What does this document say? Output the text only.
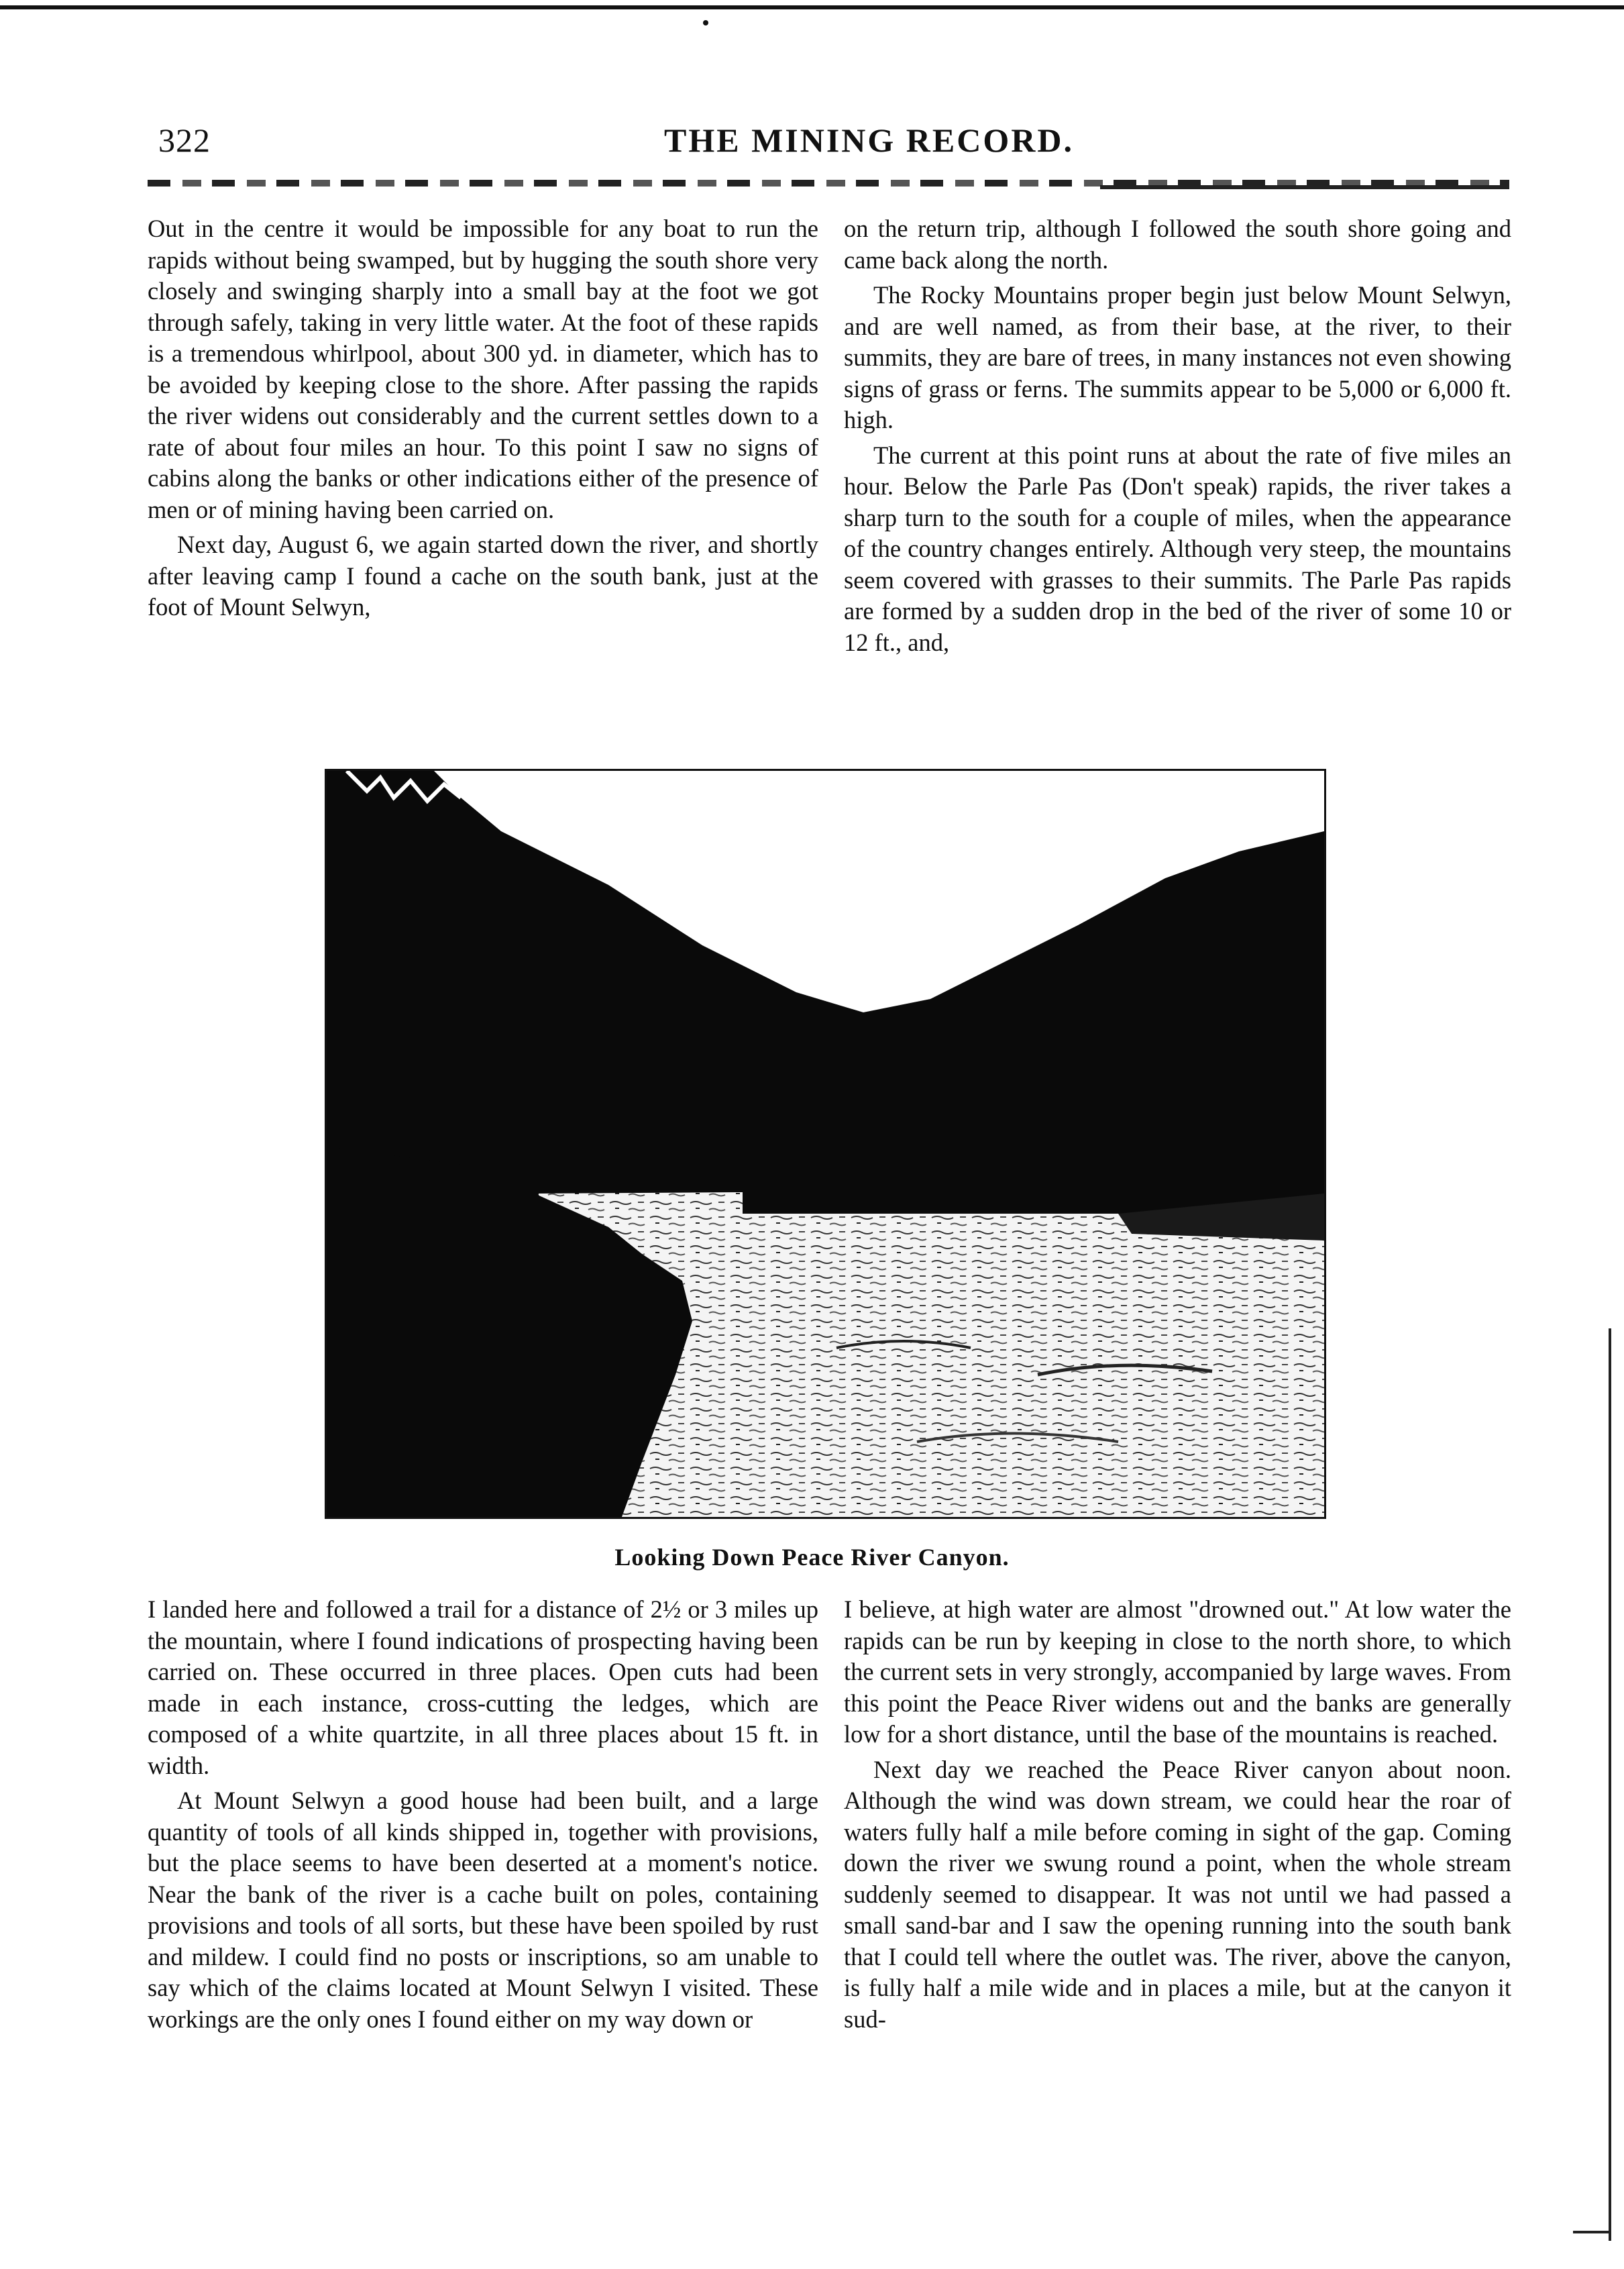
322	THE MINING RECORD.

Out in the centre it would be impossible for any boat to run the rapids without being swamped, but by hugging the south shore very closely and swinging sharply into a small bay at the foot we got through safely, taking in very little water. At the foot of these rapids is a tremendous whirlpool, about 300 yd. in diameter, which has to be avoided by keeping close to the shore. After passing the rapids the river widens out considerably and the current settles down to a rate of about four miles an hour. To this point I saw no signs of cabins along the banks or other indications either of the presence of men or of mining having been carried on.

Next day, August 6, we again started down the river, and shortly after leaving camp I found a cache on the south bank, just at the foot of Mount Selwyn,

on the return trip, although I followed the south shore going and came back along the north.

The Rocky Mountains proper begin just below Mount Selwyn, and are well named, as from their base, at the river, to their summits, they are bare of trees, in many instances not even showing signs of grass or ferns. The summits appear to be 5,000 or 6,000 ft. high.

The current at this point runs at about the rate of five miles an hour. Below the Parle Pas (Don't speak) rapids, the river takes a sharp turn to the south for a couple of miles, when the appearance of the country changes entirely. Although very steep, the mountains seem covered with grasses to their summits. The Parle Pas rapids are formed by a sudden drop in the bed of the river of some 10 or 12 ft., and,

Looking Down Peace River Canyon.

I landed here and followed a trail for a distance of 2½ or 3 miles up the mountain, where I found indications of prospecting having been carried on. These occurred in three places. Open cuts had been made in each instance, cross-cutting the ledges, which are composed of a white quartzite, in all three places about 15 ft. in width.

At Mount Selwyn a good house had been built, and a large quantity of tools of all kinds shipped in, together with provisions, but the place seems to have been deserted at a moment's notice. Near the bank of the river is a cache built on poles, containing provisions and tools of all sorts, but these have been spoiled by rust and mildew. I could find no posts or inscriptions, so am unable to say which of the claims located at Mount Selwyn I visited. These workings are the only ones I found either on my way down or

I believe, at high water are almost "drowned out." At low water the rapids can be run by keeping in close to the north shore, to which the current sets in very strongly, accompanied by large waves. From this point the Peace River widens out and the banks are generally low for a short distance, until the base of the mountains is reached.

Next day we reached the Peace River canyon about noon. Although the wind was down stream, we could hear the roar of waters fully half a mile before coming in sight of the gap. Coming down the river we swung round a point, when the whole stream suddenly seemed to disappear. It was not until we had passed a small sand-bar and I saw the opening running into the south bank that I could tell where the outlet was. The river, above the canyon, is fully half a mile wide and in places a mile, but at the canyon it sud-
